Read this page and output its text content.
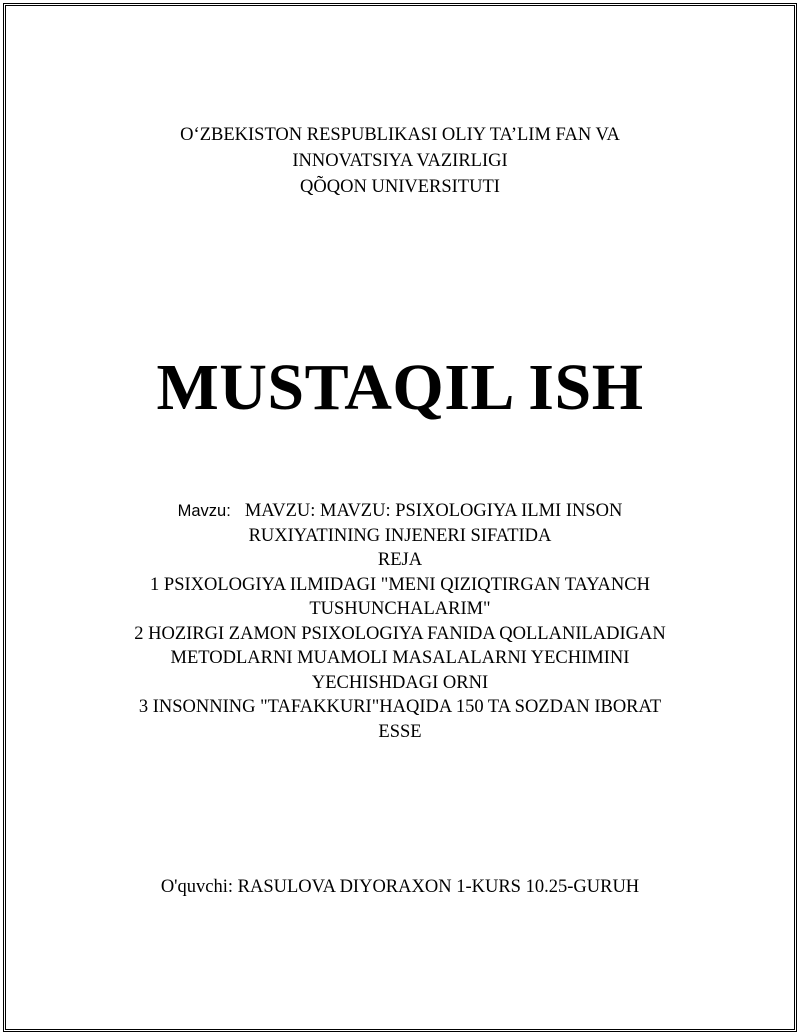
O‘ZBEKISTON RESPUBLIKASI OLIY TA’LIM FAN VA
INNOVATSIYA VAZIRLIGI
QÕQON UNIVERSITUTI
MUSTAQIL ISH
Mavzu: MAVZU: MAVZU: PSIXOLOGIYA ILMI INSON
RUXIYATINING INJENERI SIFATIDA
REJA
1 PSIXOLOGIYA ILMIDAGI "MENI QIZIQTIRGAN TAYANCH
TUSHUNCHALARIM"
2 HOZIRGI ZAMON PSIXOLOGIYA FANIDA QOLLANILADIGAN
METODLARNI MUAMOLI MASALALARNI YECHIMINI
YECHISHDAGI ORNI
3 INSONNING "TAFAKKURI"HAQIDA 150 TA SOZDAN IBORAT
ESSE
O'quvchi: RASULOVA DIYORAXON 1-KURS 10.25-GURUH
